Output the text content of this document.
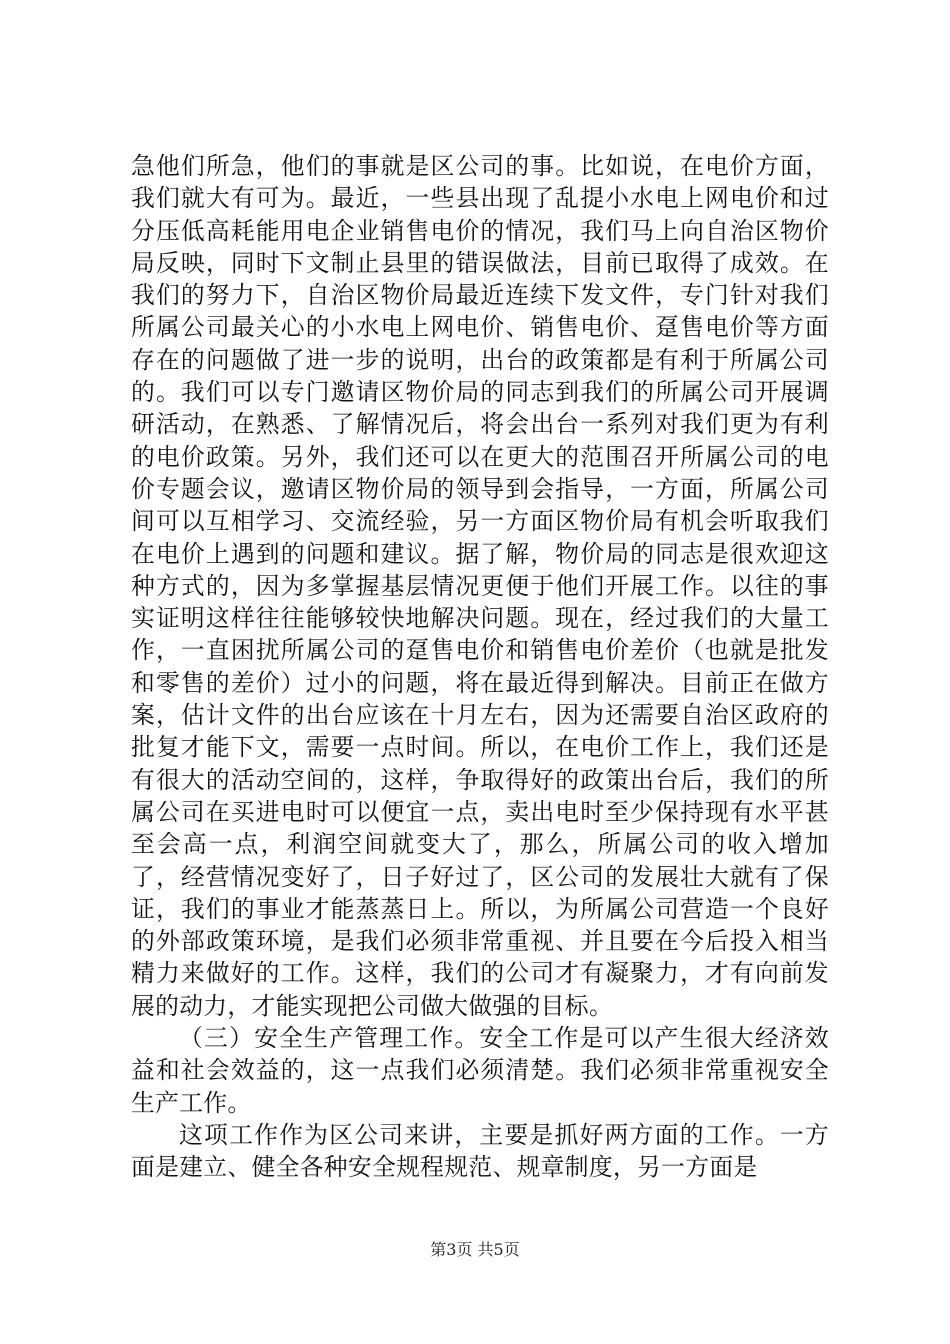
急他们所急，他们的事就是区公司的事。比如说，在电价方面，我们就大有可为。最近，一些县出现了乱提小水电上网电价和过分压低高耗能用电企业销售电价的情况，我们马上向自治区物价局反映，同时下文制止县里的错误做法，目前已取得了成效。在我们的努力下，自治区物价局最近连续下发文件，专门针对我们所属公司最关心的小水电上网电价、销售电价、趸售电价等方面存在的问题做了进一步的说明，出台的政策都是有利于所属公司的。我们可以专门邀请区物价局的同志到我们的所属公司开展调研活动，在熟悉、了解情况后，将会出台一系列对我们更为有利的电价政策。另外，我们还可以在更大的范围召开所属公司的电价专题会议，邀请区物价局的领导到会指导，一方面，所属公司间可以互相学习、交流经验，另一方面区物价局有机会听取我们在电价上遇到的问题和建议。据了解，物价局的同志是很欢迎这种方式的，因为多掌握基层情况更便于他们开展工作。以往的事实证明这样往往能够较快地解决问题。现在，经过我们的大量工作，一直困扰所属公司的趸售电价和销售电价差价（也就是批发和零售的差价）过小的问题，将在最近得到解决。目前正在做方案，估计文件的出台应该在十月左右，因为还需要自治区政府的批复才能下文，需要一点时间。所以，在电价工作上，我们还是有很大的活动空间的，这样，争取得好的政策出台后，我们的所属公司在买进电时可以便宜一点，卖出电时至少保持现有水平甚至会高一点，利润空间就变大了，那么，所属公司的收入增加了，经营情况变好了，日子好过了，区公司的发展壮大就有了保证，我们的事业才能蒸蒸日上。所以，为所属公司营造一个良好的外部政策环境，是我们必须非常重视、并且要在今后投入相当精力来做好的工作。这样，我们的公司才有凝聚力，才有向前发展的动力，才能实现把公司做大做强的目标。

（三）安全生产管理工作。安全工作是可以产生很大经济效益和社会效益的，这一点我们必须清楚。我们必须非常重视安全生产工作。

这项工作作为区公司来讲，主要是抓好两方面的工作。一方面是建立、健全各种安全规程规范、规章制度，另一方面是

第3页 共5页
